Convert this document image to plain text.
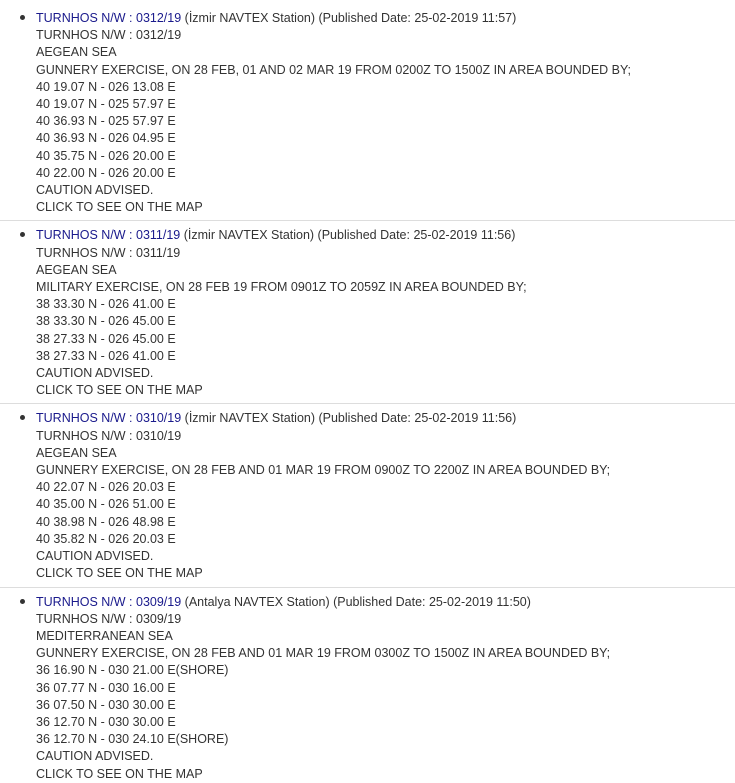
TURNHOS N/W : 0312/19 (İzmir NAVTEX Station) (Published Date: 25-02-2019 11:57)
TURNHOS N/W : 0312/19
AEGEAN SEA
GUNNERY EXERCISE, ON 28 FEB, 01 AND 02 MAR 19 FROM 0200Z TO 1500Z IN AREA BOUNDED BY;
40 19.07 N - 026 13.08 E
40 19.07 N - 025 57.97 E
40 36.93 N - 025 57.97 E
40 36.93 N - 026 04.95 E
40 35.75 N - 026 20.00 E
40 22.00 N - 026 20.00 E
CAUTION ADVISED.
CLICK TO SEE ON THE MAP
TURNHOS N/W : 0311/19 (İzmir NAVTEX Station) (Published Date: 25-02-2019 11:56)
TURNHOS N/W : 0311/19
AEGEAN SEA
MILITARY EXERCISE, ON 28 FEB 19 FROM 0901Z TO 2059Z IN AREA BOUNDED BY;
38 33.30 N - 026 41.00 E
38 33.30 N - 026 45.00 E
38 27.33 N - 026 45.00 E
38 27.33 N - 026 41.00 E
CAUTION ADVISED.
CLICK TO SEE ON THE MAP
TURNHOS N/W : 0310/19 (İzmir NAVTEX Station) (Published Date: 25-02-2019 11:56)
TURNHOS N/W : 0310/19
AEGEAN SEA
GUNNERY EXERCISE, ON 28 FEB AND 01 MAR 19 FROM 0900Z TO 2200Z IN AREA BOUNDED BY;
40 22.07 N - 026 20.03 E
40 35.00 N - 026 51.00 E
40 38.98 N - 026 48.98 E
40 35.82 N - 026 20.03 E
CAUTION ADVISED.
CLICK TO SEE ON THE MAP
TURNHOS N/W : 0309/19 (Antalya NAVTEX Station) (Published Date: 25-02-2019 11:50)
TURNHOS N/W : 0309/19
MEDITERRANEAN SEA
GUNNERY EXERCISE, ON 28 FEB AND 01 MAR 19 FROM 0300Z TO 1500Z IN AREA BOUNDED BY;
36 16.90 N - 030 21.00 E(SHORE)
36 07.77 N - 030 16.00 E
36 07.50 N - 030 30.00 E
36 12.70 N - 030 30.00 E
36 12.70 N - 030 24.10 E(SHORE)
CAUTION ADVISED.
CLICK TO SEE ON THE MAP
